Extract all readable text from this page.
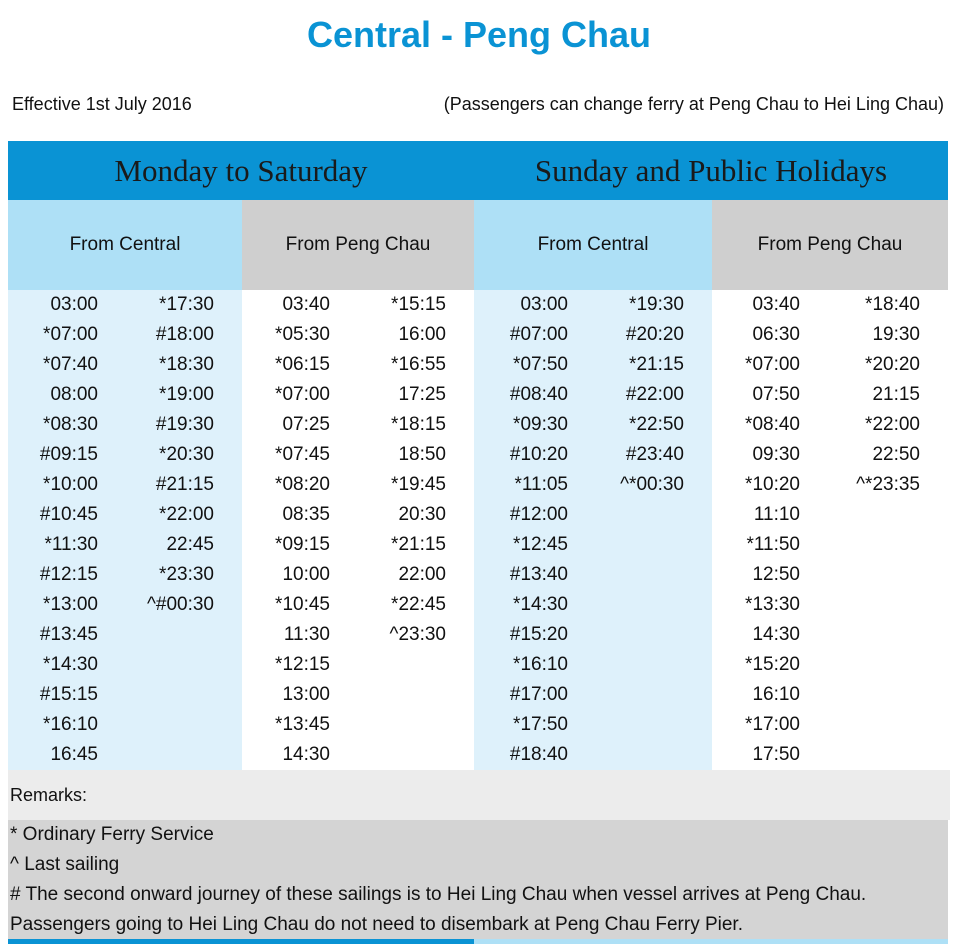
Central - Peng Chau
Effective 1st July 2016	(Passengers can change ferry at Peng Chau to Hei Ling Chau)
Monday to Saturday
From Central
03:00
*07:00
*07:40
08:00
*08:30
#09:15
*10:00
#10:45
*11:30
#12:15
*13:00
#13:45
*14:30
#15:15
*16:10
16:45
*17:30
#18:00
*18:30
*19:00
#19:30
*20:30
#21:15
*22:00
22:45
*23:30
^#00:30
From Peng Chau
03:40
*05:30
*06:15
*07:00
07:25
*07:45
*08:20
08:35
*09:15
10:00
*10:45
11:30
*12:15
13:00
*13:45
14:30
*15:15
16:00
*16:55
17:25
*18:15
18:50
*19:45
20:30
*21:15
22:00
*22:45
^23:30
Sunday and Public Holidays
From Central
03:00
#07:00
*07:50
#08:40
*09:30
#10:20
*11:05
#12:00
*12:45
#13:40
*14:30
#15:20
*16:10
#17:00
*17:50
#18:40
*19:30
#20:20
*21:15
#22:00
*22:50
#23:40
^*00:30
From Peng Chau
03:40
06:30
*07:00
07:50
*08:40
09:30
*10:20
11:10
*11:50
12:50
*13:30
14:30
*15:20
16:10
*17:00
17:50
*18:40
19:30
*20:20
21:15
*22:00
22:50
^*23:35
Remarks:
* Ordinary Ferry Service
^ Last sailing
# The second onward journey of these sailings is to Hei Ling Chau when vessel arrives at Peng Chau.
Passengers going to Hei Ling Chau do not need to disembark at Peng Chau Ferry Pier.
